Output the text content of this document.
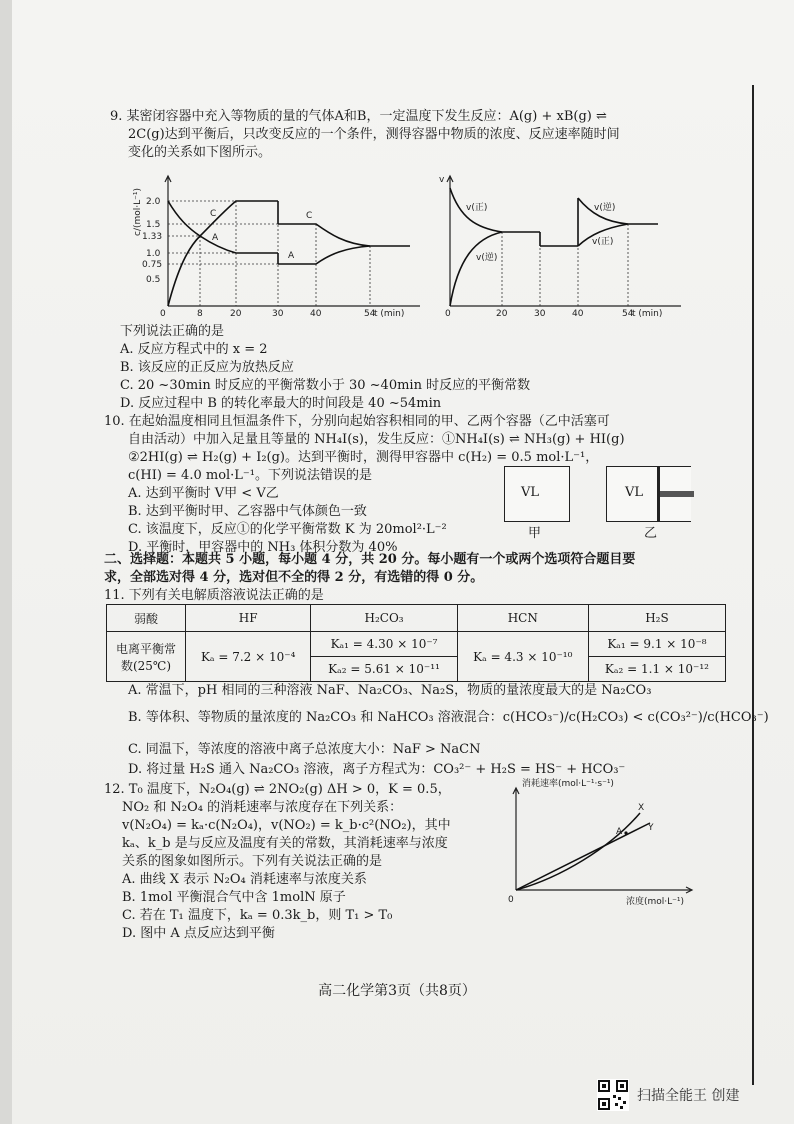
9. 某密闭容器中充入等物质的量的气体A和B，一定温度下发生反应：A(g) + xB(g) ⇌
2C(g)达到平衡后，只改变反应的一个条件，测得容器中物质的浓度、反应速率随时间
变化的关系如下图所示。
c/(mol·L⁻¹) 2.0
1.5
1.33
1.0
0.75
0.5
0	8	20	30	40	54
t (min)
C
A
C
A
v
v(正)
v(逆)
v(逆)
v(正)
0	20	30	40	54
t (min)
下列说法正确的是
A. 反应方程式中的 x = 2
B. 该反应的正反应为放热反应
C. 20 ~30min 时反应的平衡常数小于 30 ~40min 时反应的平衡常数
D. 反应过程中 B 的转化率最大的时间段是 40 ~54min
10. 在起始温度相同且恒温条件下，分别向起始容积相同的甲、乙两个容器（乙中活塞可
自由活动）中加入足量且等量的 NH₄I(s)，发生反应：①NH₄I(s) ⇌ NH₃(g) + HI(g)
②2HI(g) ⇌ H₂(g) + I₂(g)。达到平衡时，测得甲容器中 c(H₂) = 0.5 mol·L⁻¹，
c(HI) = 4.0 mol·L⁻¹。下列说法错误的是
A. 达到平衡时 V甲 < V乙
B. 达到平衡时甲、乙容器中气体颜色一致
C. 该温度下，反应①的化学平衡常数 K 为 20mol²·L⁻²
D. 平衡时，甲容器中的 NH₃ 体积分数为 40%
VL
甲
VL
乙
二、选择题：本题共 5 小题，每小题 4 分，共 20 分。每小题有一个或两个选项符合题目要
求，全部选对得 4 分，选对但不全的得 2 分，有选错的得 0 分。
11. 下列有关电解质溶液说法正确的是
弱酸	HF	H₂CO₃	HCN	H₂S
电离平衡常数(25℃)	Kₐ = 7.2 × 10⁻⁴	Kₐ₁ = 4.30 × 10⁻⁷	Kₐ = 4.3 × 10⁻¹⁰	Kₐ₁ = 9.1 × 10⁻⁸
		Kₐ₂ = 5.61 × 10⁻¹¹		Kₐ₂ = 1.1 × 10⁻¹²
A. 常温下，pH 相同的三种溶液 NaF、Na₂CO₃、Na₂S，物质的量浓度最大的是 Na₂CO₃
B. 等体积、等物质的量浓度的 Na₂CO₃ 和 NaHCO₃ 溶液混合：c(HCO₃⁻)/c(H₂CO₃) < c(CO₃²⁻)/c(HCO₃⁻)
C. 同温下，等浓度的溶液中离子总浓度大小：NaF > NaCN
D. 将过量 H₂S 通入 Na₂CO₃ 溶液，离子方程式为：CO₃²⁻ + H₂S = HS⁻ + HCO₃⁻
12. T₀ 温度下，N₂O₄(g) ⇌ 2NO₂(g) ΔH > 0，K = 0.5，
NO₂ 和 N₂O₄ 的消耗速率与浓度存在下列关系：
v(N₂O₄) = kₐ·c(N₂O₄)，v(NO₂) = k_b·c²(NO₂)，其中
kₐ、k_b 是与反应及温度有关的常数，其消耗速率与浓度
关系的图象如图所示。下列有关说法正确的是
A. 曲线 X 表示 N₂O₄ 消耗速率与浓度关系
B. 1mol 平衡混合气中含 1molN 原子
C. 若在 T₁ 温度下，kₐ = 0.3k_b，则 T₁ > T₀
D. 图中 A 点反应达到平衡
消耗速率(mol·L⁻¹·s⁻¹)
0	浓度(mol·L⁻¹)
X
Y
A
高二化学第3页（共8页）
扫描全能王 创建
